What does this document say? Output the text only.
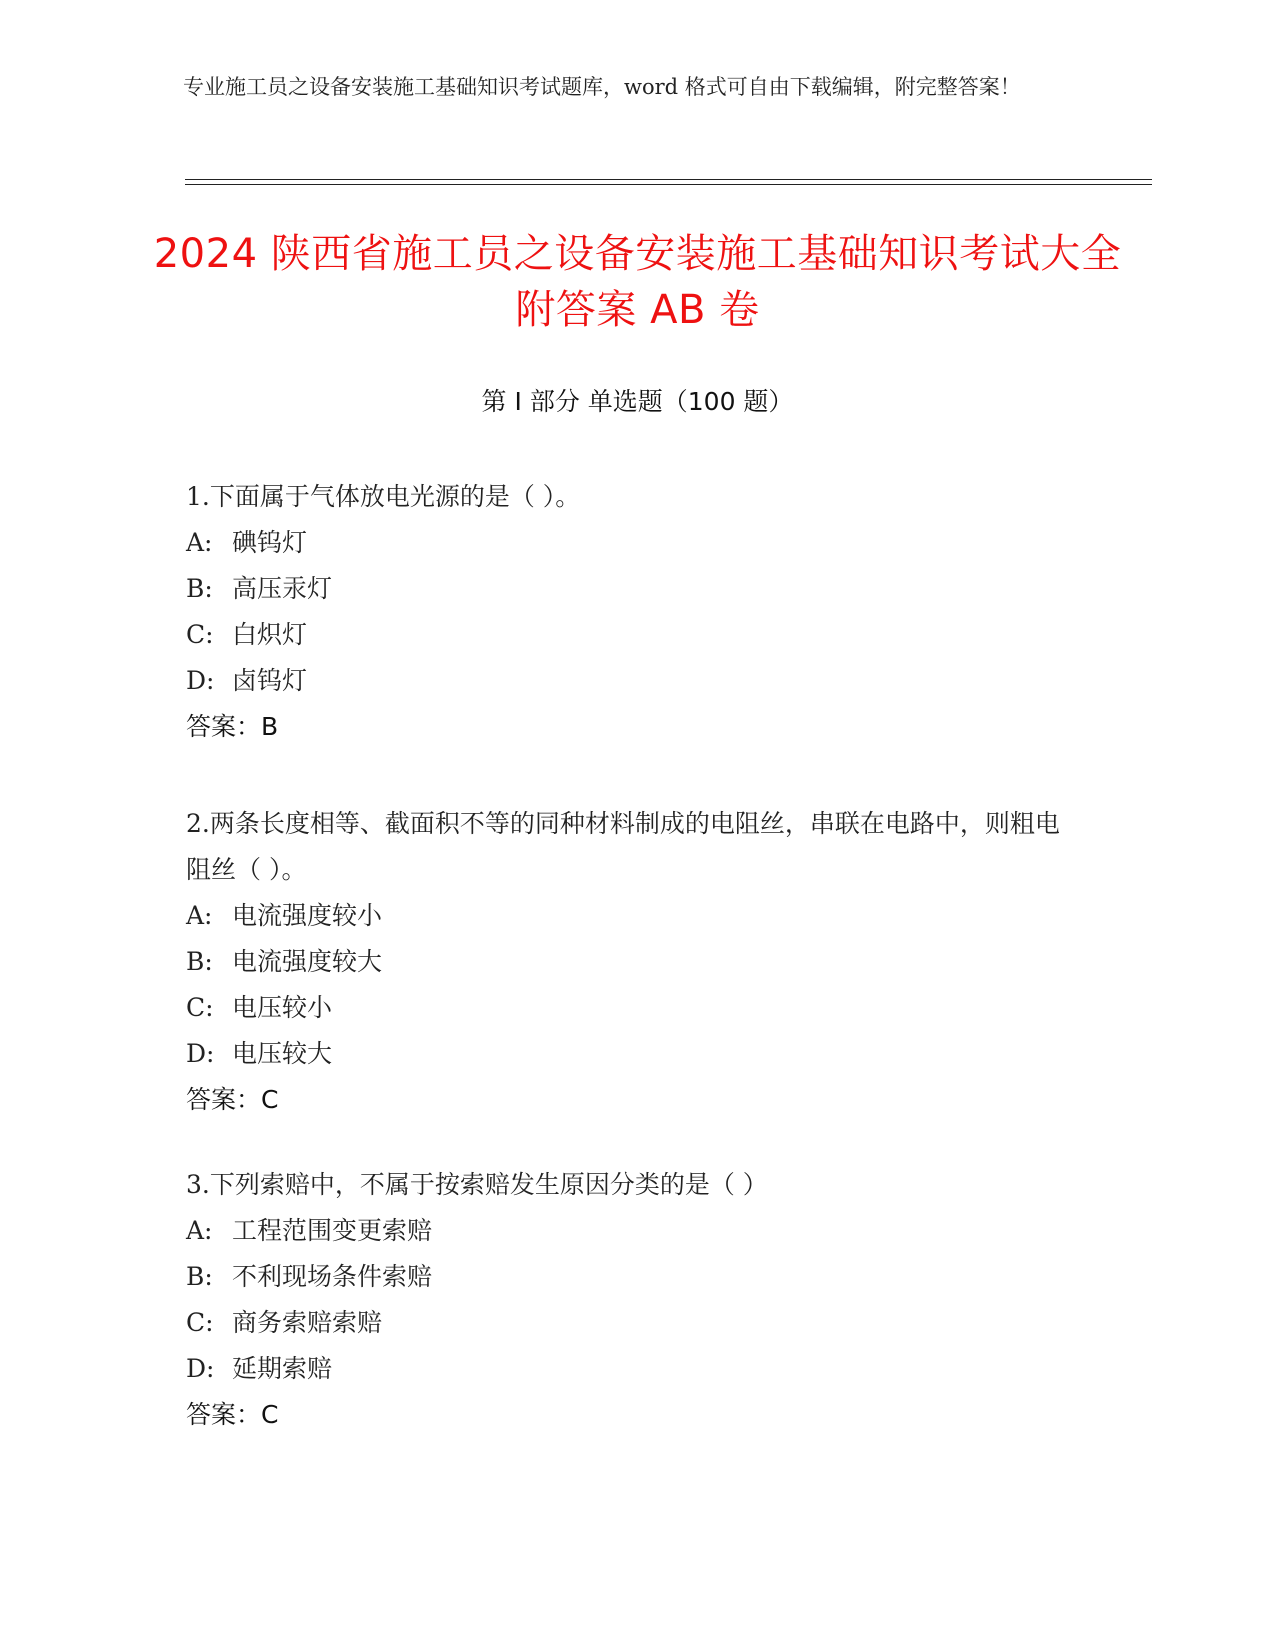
专业施工员之设备安装施工基础知识考试题库，word 格式可自由下载编辑，附完整答案！
2024 陕西省施工员之设备安装施工基础知识考试大全附答案 AB 卷
第 I 部分 单选题（100 题）

1.下面属于气体放电光源的是（ ）。

A: 碘钨灯
B: 高压汞灯
C: 白炽灯
D: 卤钨灯

答案：B

2.两条长度相等、截面积不等的同种材料制成的电阻丝，串联在电路中，则粗电阻丝（ ）。

A: 电流强度较小
B: 电流强度较大
C: 电压较小
D: 电压较大

答案：C

3.下列索赔中，不属于按索赔发生原因分类的是（ ）

A: 工程范围变更索赔
B: 不利现场条件索赔
C: 商务索赔索赔
D: 延期索赔

答案：C
